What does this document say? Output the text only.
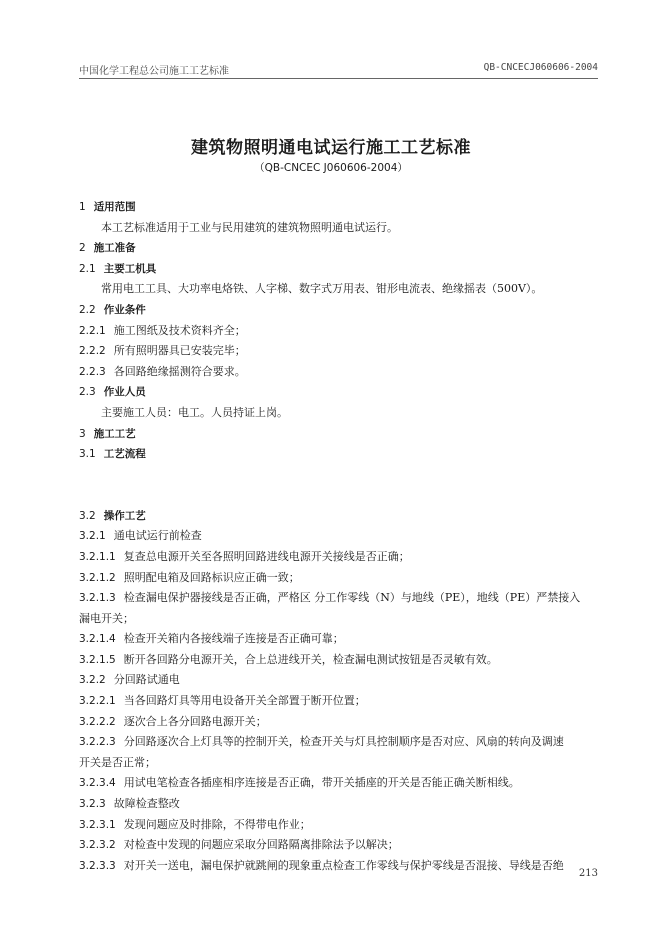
中国化学工程总公司施工工艺标准	QB-CNCECJ060606-2004
建筑物照明通电试运行施工工艺标准
（QB-CNCEC J060606-2004）
1 适用范围
本工艺标准适用于工业与民用建筑的建筑物照明通电试运行。
2 施工准备
2.1 主要工机具
常用电工工具、大功率电烙铁、人字梯、数字式万用表、钳形电流表、绝缘摇表（500V）。
2.2 作业条件
2.2.1 施工图纸及技术资料齐全；
2.2.2 所有照明器具已安装完毕；
2.2.3 各回路绝缘摇测符合要求。
2.3 作业人员
主要施工人员：电工。人员持证上岗。
3 施工工艺
3.1 工艺流程
3.2 操作工艺
3.2.1 通电试运行前检查
3.2.1.1 复查总电源开关至各照明回路进线电源开关接线是否正确；
3.2.1.2 照明配电箱及回路标识应正确一致；
3.2.1.3 检查漏电保护器接线是否正确，严格区 分工作零线（N）与地线（PE），地线（PE）严禁接入
漏电开关；
3.2.1.4 检查开关箱内各接线端子连接是否正确可靠；
3.2.1.5 断开各回路分电源开关，合上总进线开关，检查漏电测试按钮是否灵敏有效。
3.2.2 分回路试通电
3.2.2.1 当各回路灯具等用电设备开关全部置于断开位置；
3.2.2.2 逐次合上各分回路电源开关；
3.2.2.3 分回路逐次合上灯具等的控制开关，检查开关与灯具控制顺序是否对应、风扇的转向及调速
开关是否正常；
3.2.3.4 用试电笔检查各插座相序连接是否正确，带开关插座的开关是否能正确关断相线。
3.2.3 故障检查整改
3.2.3.1 发现问题应及时排除，不得带电作业；
3.2.3.2 对检查中发现的问题应采取分回路隔离排除法予以解决；
3.2.3.3 对开关一送电，漏电保护就跳闸的现象重点检查工作零线与保护零线是否混接、导线是否绝
213
